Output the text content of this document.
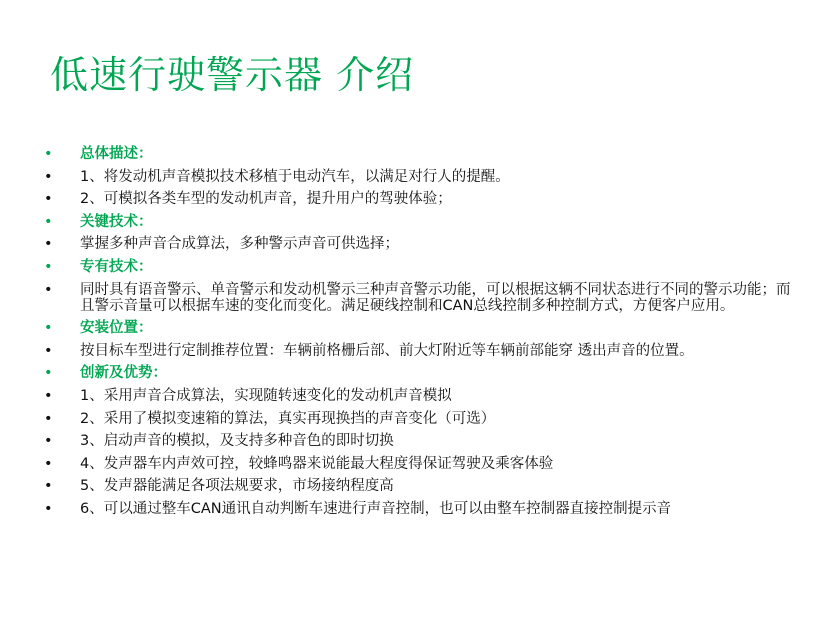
低速行驶警示器 介绍
•	总体描述：
•	1、将发动机声音模拟技术移植于电动汽车，以满足对行人的提醒。
•	2、可模拟各类车型的发动机声音，提升用户的驾驶体验；
•	关键技术：
•	掌握多种声音合成算法，多种警示声音可供选择；
•	专有技术：
•	同时具有语音警示、单音警示和发动机警示三种声音警示功能，可以根据这辆不同状态进行不同的警示功能；而且警示音量可以根据车速的变化而变化。满足硬线控制和CAN总线控制多种控制方式，方便客户应用。
•	安装位置：
•	按目标车型进行定制推荐位置：车辆前格栅后部、前大灯附近等车辆前部能穿 透出声音的位置。
•	创新及优势：
•	1、采用声音合成算法，实现随转速变化的发动机声音模拟
•	2、采用了模拟变速箱的算法，真实再现换挡的声音变化（可选）
•	3、启动声音的模拟，及支持多种音色的即时切换
•	4、发声器车内声效可控，较蜂鸣器来说能最大程度得保证驾驶及乘客体验
•	5、发声器能满足各项法规要求，市场接纳程度高
•	6、可以通过整车CAN通讯自动判断车速进行声音控制，也可以由整车控制器直接控制提示音
